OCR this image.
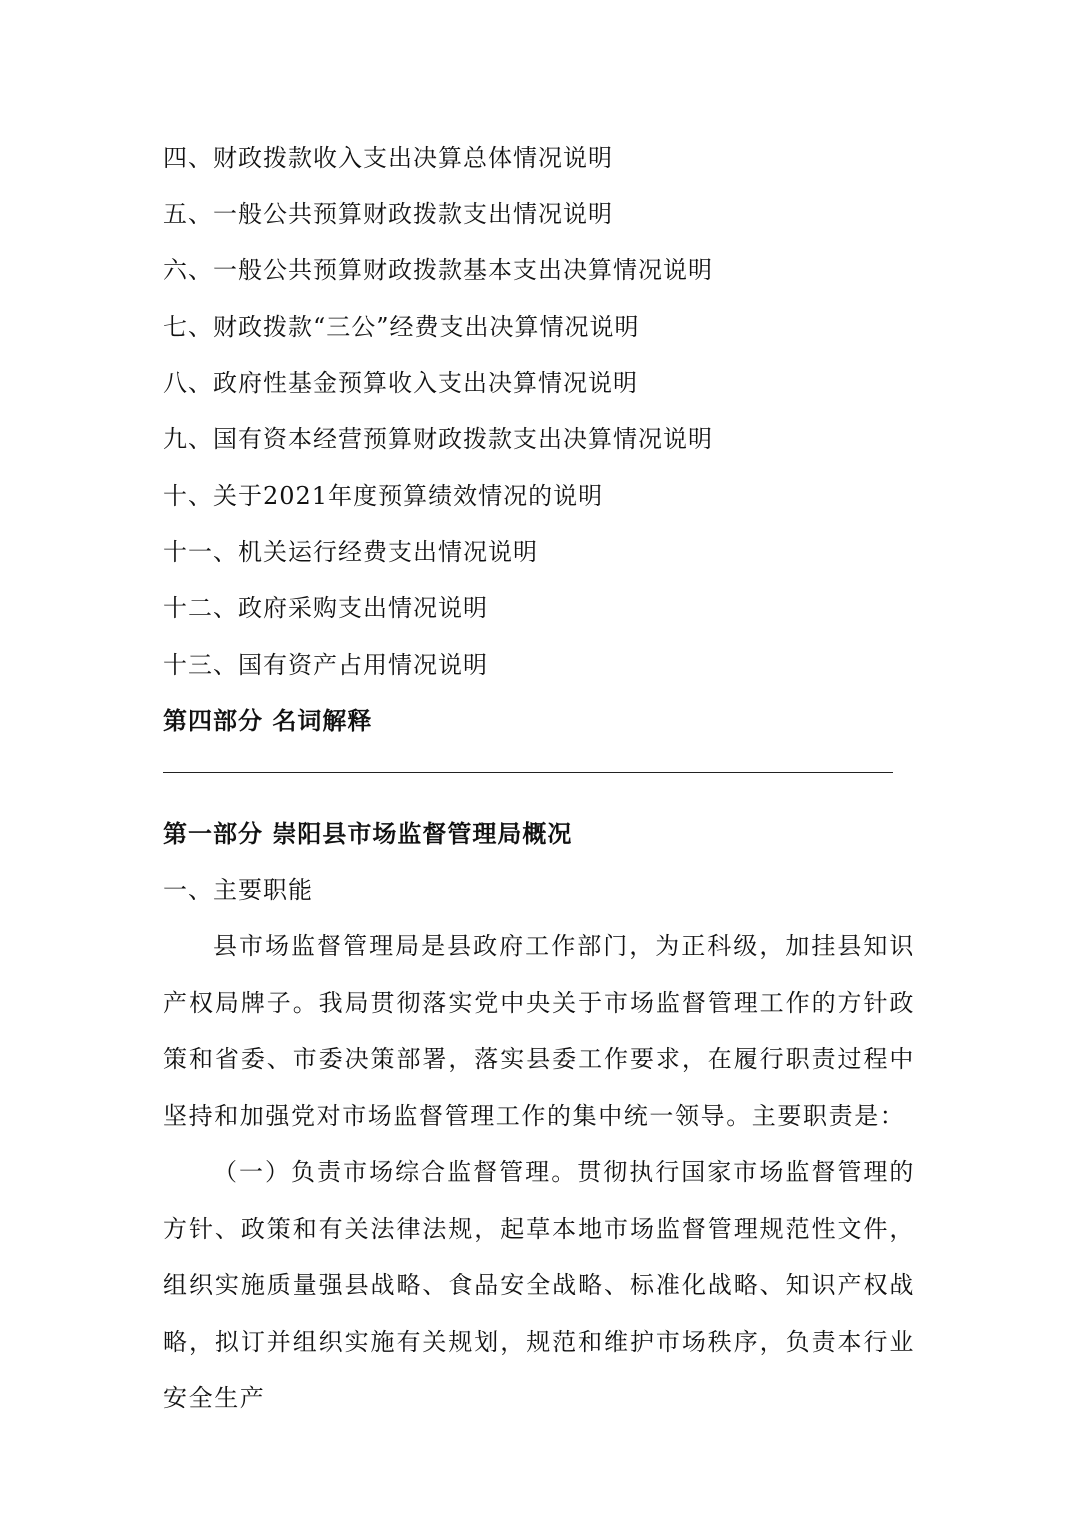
四、财政拨款收入支出决算总体情况说明
五、一般公共预算财政拨款支出情况说明
六、一般公共预算财政拨款基本支出决算情况说明
七、财政拨款“三公”经费支出决算情况说明
八、政府性基金预算收入支出决算情况说明
九、国有资本经营预算财政拨款支出决算情况说明
十、关于2021年度预算绩效情况的说明
十一、机关运行经费支出情况说明
十二、政府采购支出情况说明
十三、国有资产占用情况说明
第四部分 名词解释
第一部分 崇阳县市场监督管理局概况
一、主要职能
县市场监督管理局是县政府工作部门，为正科级，加挂县知识产权局牌子。我局贯彻落实党中央关于市场监督管理工作的方针政策和省委、市委决策部署，落实县委工作要求，在履行职责过程中坚持和加强党对市场监督管理工作的集中统一领导。主要职责是：
（一）负责市场综合监督管理。贯彻执行国家市场监督管理的方针、政策和有关法律法规，起草本地市场监督管理规范性文件，组织实施质量强县战略、食品安全战略、标准化战略、知识产权战略，拟订并组织实施有关规划，规范和维护市场秩序，负责本行业安全生产
